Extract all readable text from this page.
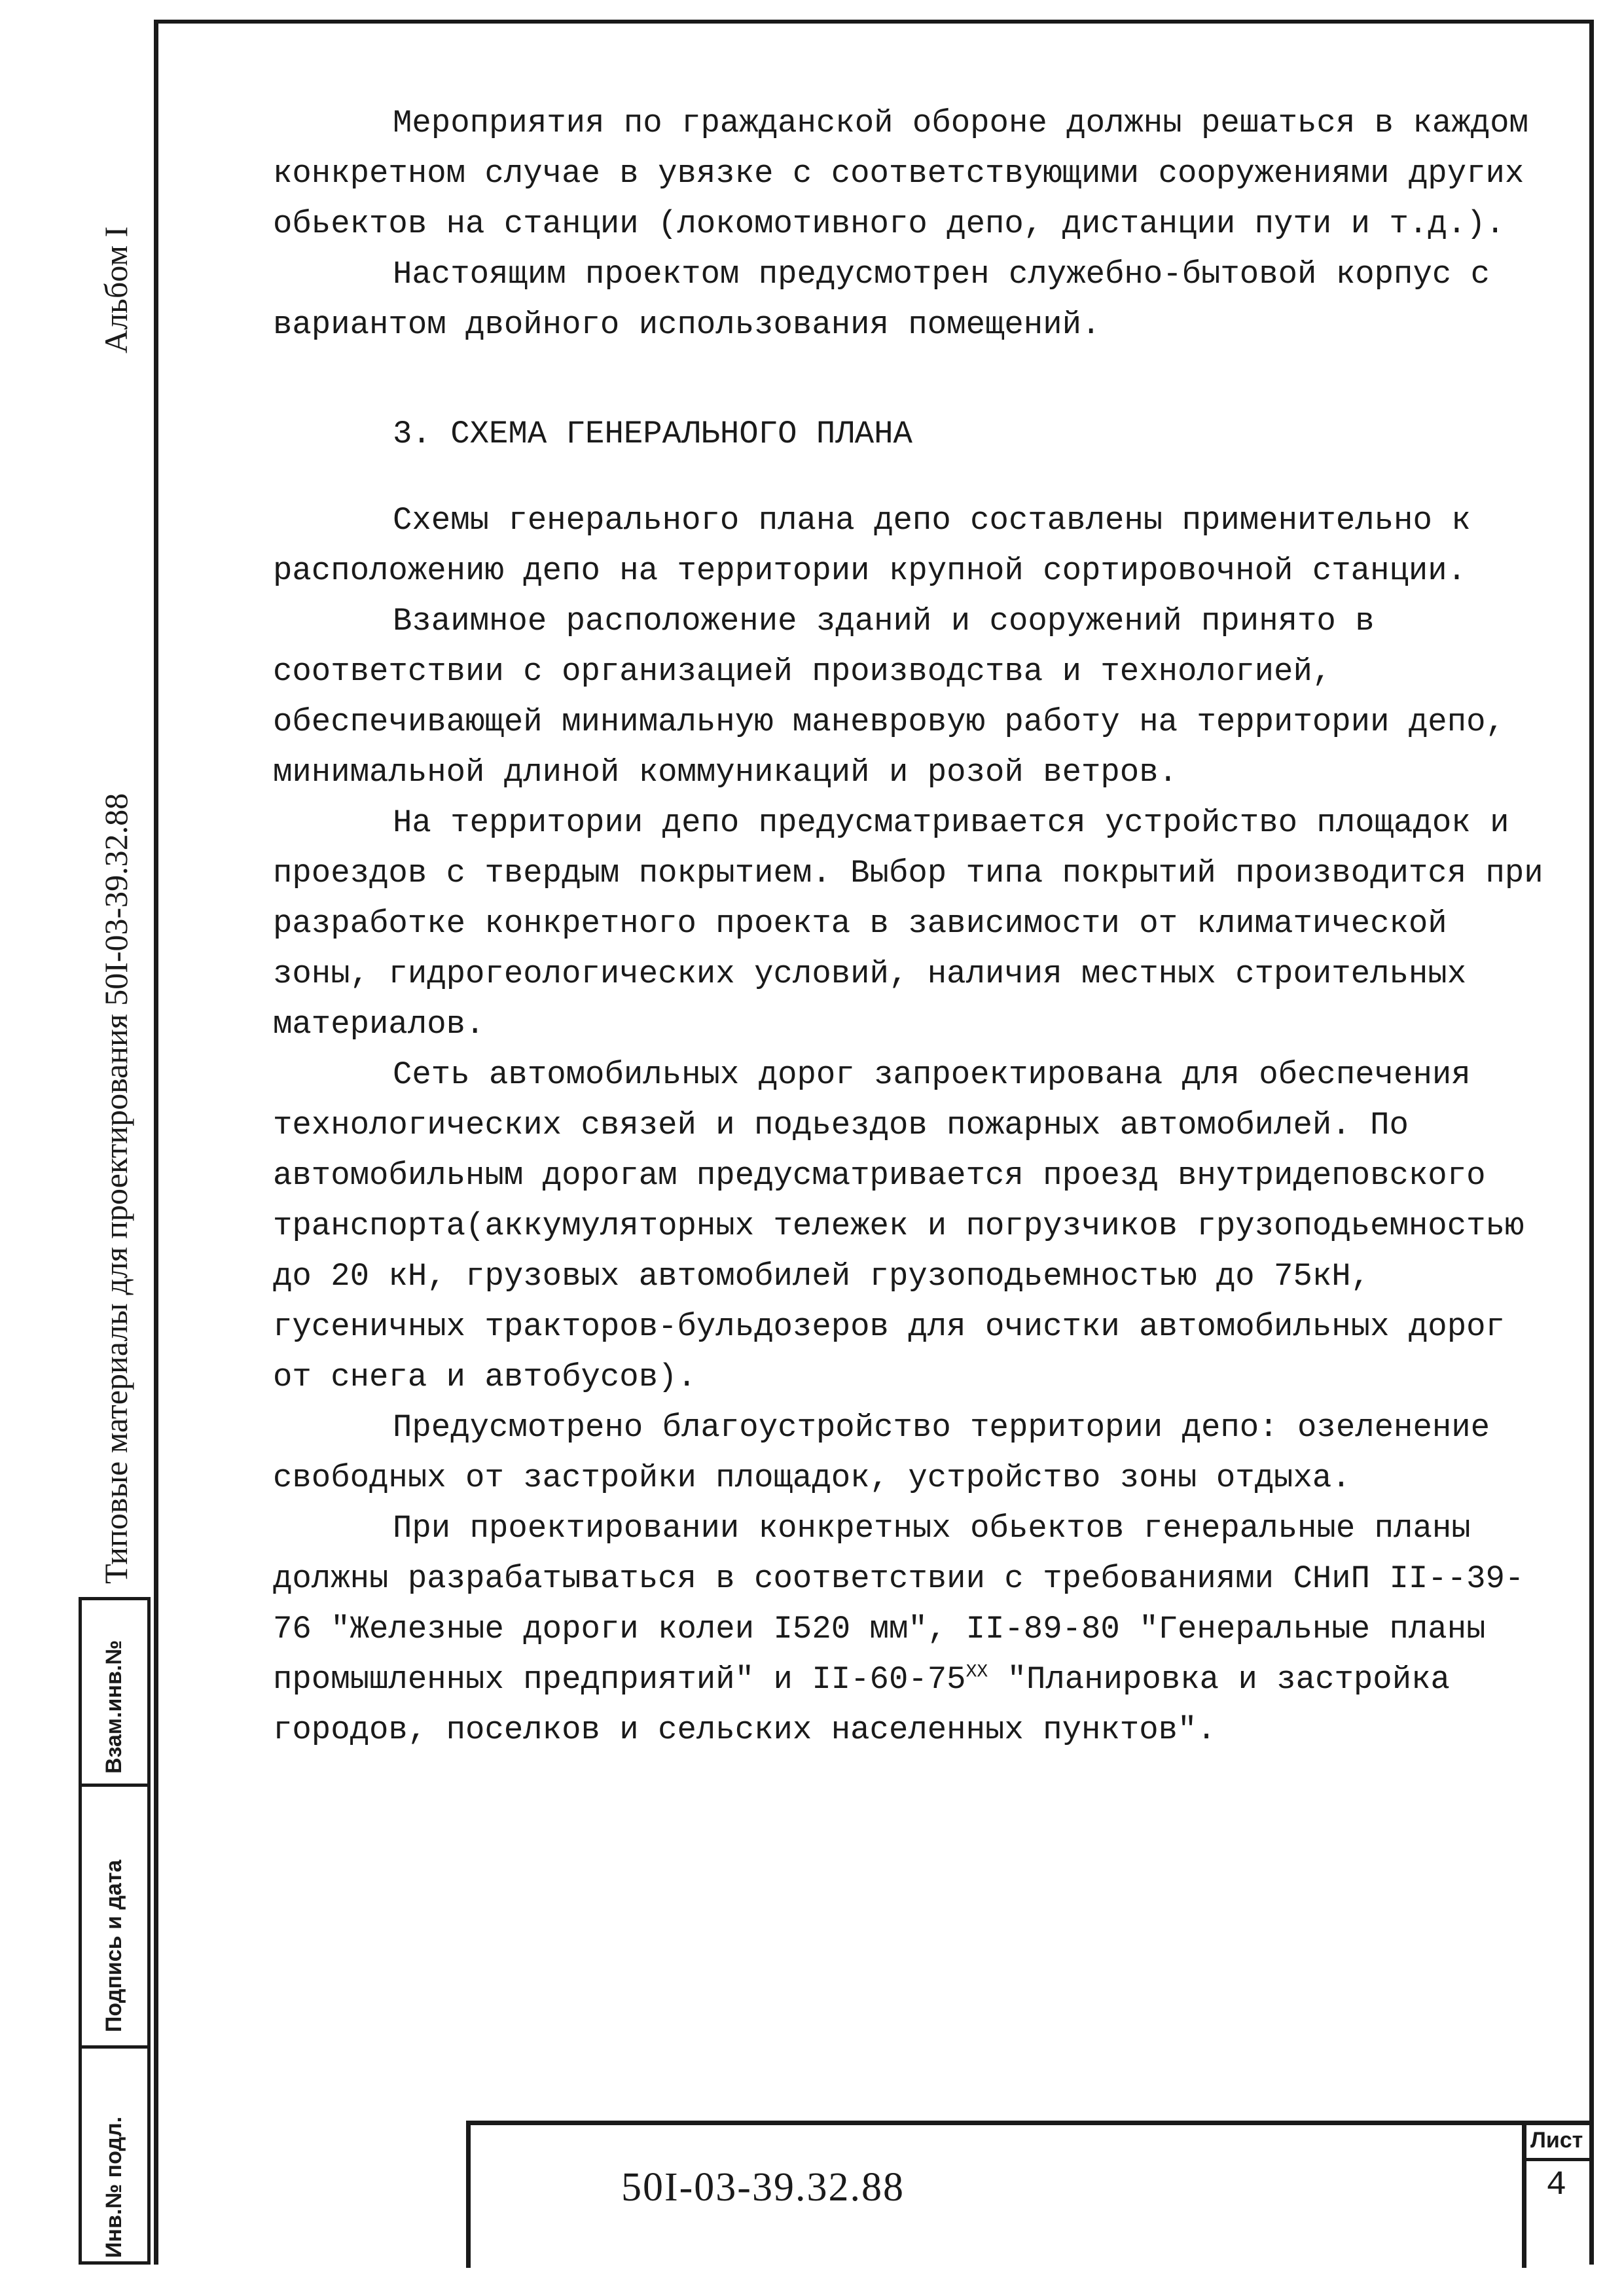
Альбом I
Типовые материалы для проектирования 50I-03-39.32.88
Взам.инв.№
Подпись и дата
Инв.№ подл.

Мероприятия по гражданской обороне должны решаться в каждом конкретном случае в увязке с соответствующими сооружениями других обьектов на станции (локомотивного депо, дистанции пути и т.д.).

Настоящим проектом предусмотрен служебно-бытовой корпус с вариантом двойного использования помещений.

3. СХЕМА ГЕНЕРАЛЬНОГО ПЛАНА

Схемы генерального плана депо составлены применительно к расположению депо на территории крупной сортировочной станции.

Взаимное расположение зданий и сооружений принято в соответствии с организацией производства и технологией, обеспечивающей минимальную маневровую работу на территории депо, минимальной длиной коммуникаций и розой ветров.

На территории депо предусматривается устройство площадок и проездов с твердым покрытием. Выбор типа покрытий производится при разработке конкретного проекта в зависимости от климатической зоны, гидрогеологических условий, наличия местных строительных материалов.

Сеть автомобильных дорог запроектирована для обеспечения технологических связей и подьездов пожарных автомобилей. По автомобильным дорогам предусматривается проезд внутридеповского транспорта(аккумуляторных тележек и погрузчиков грузоподьемностью до 20 кН, грузовых автомобилей грузоподьемностью до 75кН, гусеничных тракторов-бульдозеров для очистки автомобильных дорог от снега и автобусов).

Предусмотрено благоустройство территории депо: озеленение свободных от застройки площадок, устройство зоны отдыха.

При проектировании конкретных обьектов генеральные планы должны разрабатываться в соответствии с требованиями СНиП II--39-76 "Железные дороги колеи I520 мм", II-89-80 "Генеральные планы промышленных предприятий" и $II-60-75^{ХХ}$ "Планировка и застройка городов, поселков и сельских населенных пунктов".

50I-03-39.32.88
Лист
4
